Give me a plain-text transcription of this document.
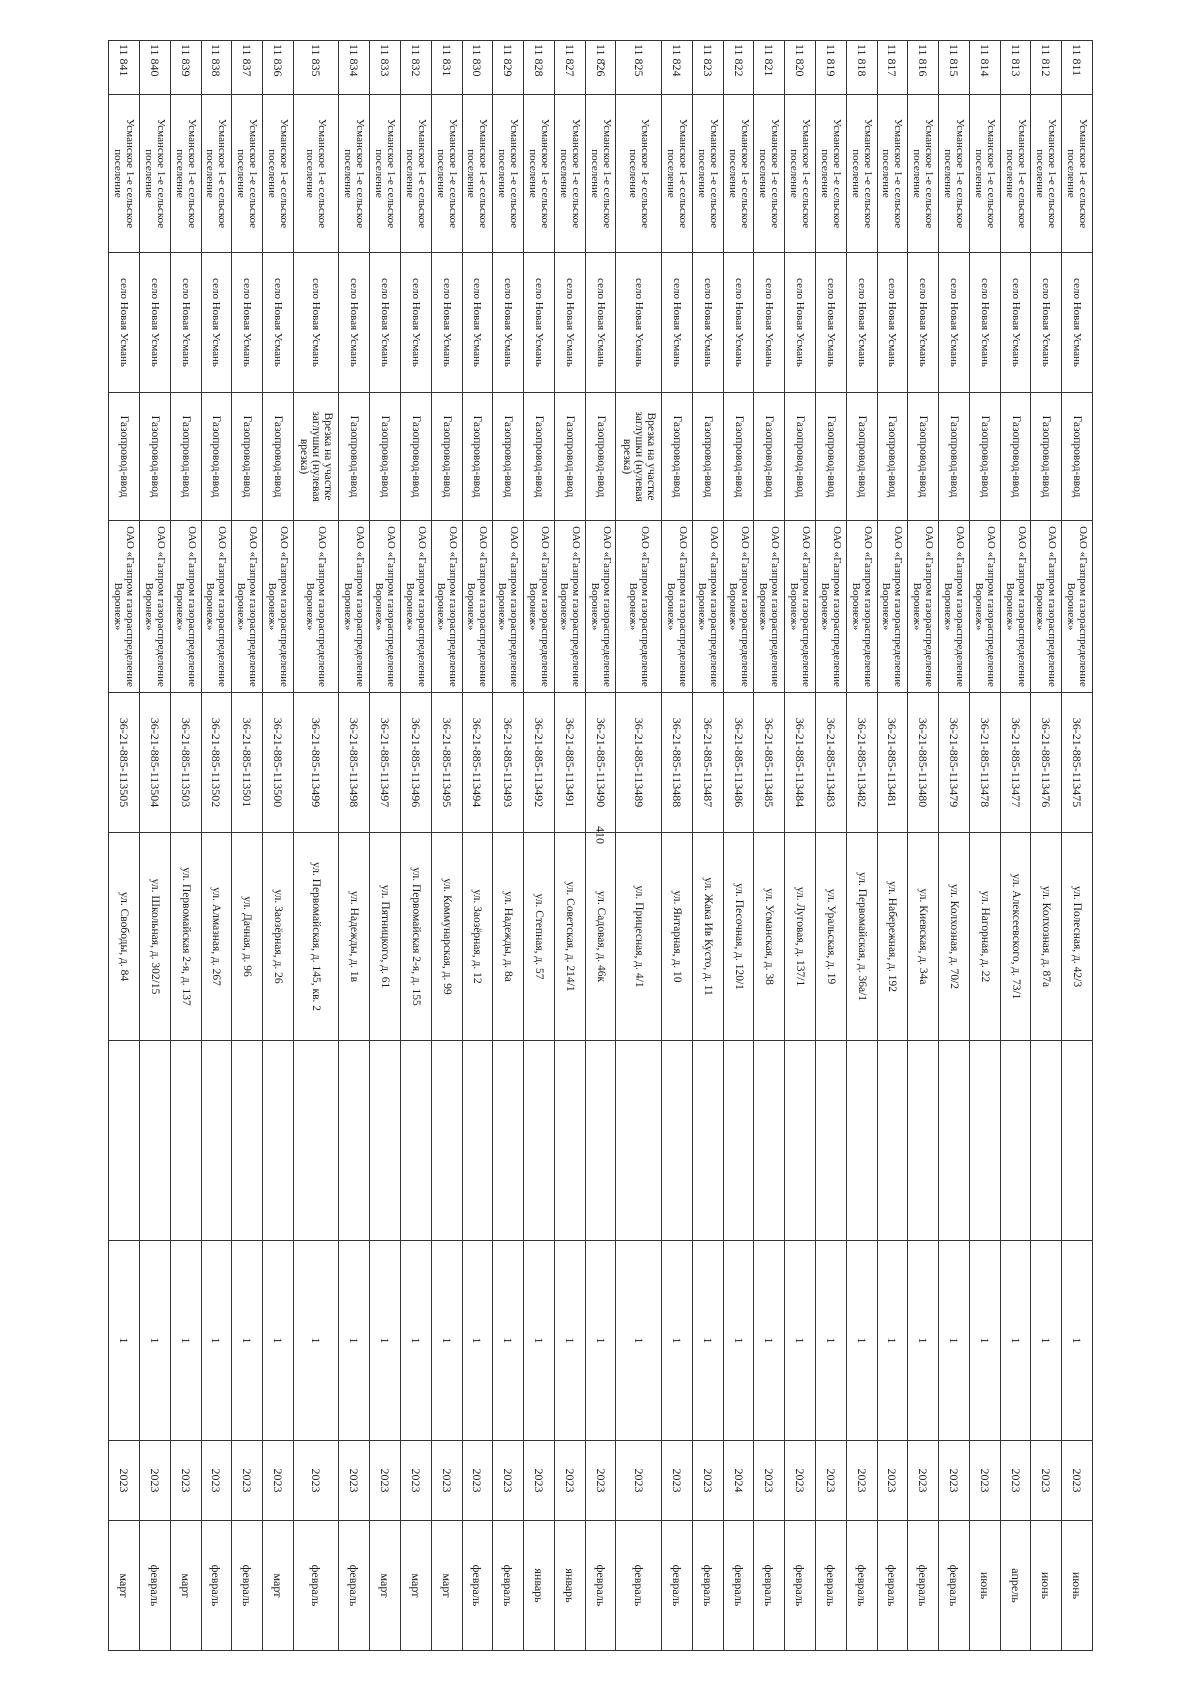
410
11 811	Усманское 1-е сельское поселение	село Новая Усмань	Газопровод-ввод	ОАО «Газпром газораспределение Воронеж»	36-21-885-113475	ул. Полесная, д. 42/3		1	2023	июнь
11 812	Усманское 1-е сельское поселение	село Новая Усмань	Газопровод-ввод	ОАО «Газпром газораспределение Воронеж»	36-21-885-113476	ул. Колхозная, д. 87а		1	2023	июнь
11 813	Усманское 1-е сельское поселение	село Новая Усмань	Газопровод-ввод	ОАО «Газпром газораспределение Воронеж»	36-21-885-113477	ул. Алексеевского, д. 73/1		1	2023	апрель
11 814	Усманское 1-е сельское поселение	село Новая Усмань	Газопровод-ввод	ОАО «Газпром газораспределение Воронеж»	36-21-885-113478	ул. Нагорная, д. 22		1	2023	июнь
11 815	Усманское 1-е сельское поселение	село Новая Усмань	Газопровод-ввод	ОАО «Газпром газораспределение Воронеж»	36-21-885-113479	ул. Колхозная, д. 70/2		1	2023	февраль
11 816	Усманское 1-е сельское поселение	село Новая Усмань	Газопровод-ввод	ОАО «Газпром газораспределение Воронеж»	36-21-885-113480	ул. Киевская, д. 34а		1	2023	февраль
11 817	Усманское 1-е сельское поселение	село Новая Усмань	Газопровод-ввод	ОАО «Газпром газораспределение Воронеж»	36-21-885-113481	ул. Набережная, д. 192		1	2023	февраль
11 818	Усманское 1-е сельское поселение	село Новая Усмань	Газопровод-ввод	ОАО «Газпром газораспределение Воронеж»	36-21-885-113482	ул. Первомайская, д. 36а/1		1	2023	февраль
11 819	Усманское 1-е сельское поселение	село Новая Усмань	Газопровод-ввод	ОАО «Газпром газораспределение Воронеж»	36-21-885-113483	ул. Уральская, д. 19		1	2023	февраль
11 820	Усманское 1-е сельское поселение	село Новая Усмань	Газопровод-ввод	ОАО «Газпром газораспределение Воронеж»	36-21-885-113484	ул. Луговая, д. 137/1		1	2023	февраль
11 821	Усманское 1-е сельское поселение	село Новая Усмань	Газопровод-ввод	ОАО «Газпром газораспределение Воронеж»	36-21-885-113485	ул. Усманская, д. 38		1	2023	февраль
11 822	Усманское 1-е сельское поселение	село Новая Усмань	Газопровод-ввод	ОАО «Газпром газораспределение Воронеж»	36-21-885-113486	ул. Песочная, д. 120/1		1	2024	февраль
11 823	Усманское 1-е сельское поселение	село Новая Усмань	Газопровод-ввод	ОАО «Газпром газораспределение Воронеж»	36-21-885-113487	ул. Жака Ив Кусто, д. 11		1	2023	февраль
11 824	Усманское 1-е сельское поселение	село Новая Усмань	Газопровод-ввод	ОАО «Газпром газораспределение Воронеж»	36-21-885-113488	ул. Янтарная, д. 10		1	2023	февраль
11 825	Усманское 1-е сельское поселение	село Новая Усмань	Врезка на участке заглушки (нулевая врезка)	ОАО «Газпром газораспределение Воронеж»	36-21-885-113489	ул. Прицесная, д. 4/1		1	2023	февраль
11 826	Усманское 1-е сельское поселение	село Новая Усмань	Газопровод-ввод	ОАО «Газпром газораспределение Воронеж»	36-21-885-113490	ул. Садовая, д. 46к		1	2023	февраль
11 827	Усманское 1-е сельское поселение	село Новая Усмань	Газопровод-ввод	ОАО «Газпром газораспределение Воронеж»	36-21-885-113491	ул. Советская, д. 214/1		1	2023	январь
11 828	Усманское 1-е сельское поселение	село Новая Усмань	Газопровод-ввод	ОАО «Газпром газораспределение Воронеж»	36-21-885-113492	ул. Степная, д. 57		1	2023	январь
11 829	Усманское 1-е сельское поселение	село Новая Усмань	Газопровод-ввод	ОАО «Газпром газораспределение Воронеж»	36-21-885-113493	ул. Надежды, д. 8а		1	2023	февраль
11 830	Усманское 1-е сельское поселение	село Новая Усмань	Газопровод-ввод	ОАО «Газпром газораспределение Воронеж»	36-21-885-113494	ул. Заозёрная, д. 12		1	2023	февраль
11 831	Усманское 1-е сельское поселение	село Новая Усмань	Газопровод-ввод	ОАО «Газпром газораспределение Воронеж»	36-21-885-113495	ул. Коммунарская, д. 99		1	2023	март
11 832	Усманское 1-е сельское поселение	село Новая Усмань	Газопровод-ввод	ОАО «Газпром газораспределение Воронеж»	36-21-885-113496	ул. Первомайская 2-я, д. 155		1	2023	март
11 833	Усманское 1-е сельское поселение	село Новая Усмань	Газопровод-ввод	ОАО «Газпром газораспределение Воронеж»	36-21-885-113497	ул. Пятницкого, д. 61		1	2023	март
11 834	Усманское 1-е сельское поселение	село Новая Усмань	Газопровод-ввод	ОАО «Газпром газораспределение Воронеж»	36-21-885-113498	ул. Надежды, д. 1в		1	2023	февраль
11 835	Усманское 1-е сельское поселение	село Новая Усмань	Врезка на участке заглушки (нулевая врезка)	ОАО «Газпром газораспределение Воронеж»	36-21-885-113499	ул. Первомайская, д. 145, кв. 2		1	2023	февраль
11 836	Усманское 1-е сельское поселение	село Новая Усмань	Газопровод-ввод	ОАО «Газпром газораспределение Воронеж»	36-21-885-113500	ул. Заозёрная, д. 26		1	2023	март
11 837	Усманское 1-е сельское поселение	село Новая Усмань	Газопровод-ввод	ОАО «Газпром газораспределение Воронеж»	36-21-885-113501	ул. Дачная, д. 96		1	2023	февраль
11 838	Усманское 1-е сельское поселение	село Новая Усмань	Газопровод-ввод	ОАО «Газпром газораспределение Воронеж»	36-21-885-113502	ул. Алмазная, д. 267		1	2023	февраль
11 839	Усманское 1-е сельское поселение	село Новая Усмань	Газопровод-ввод	ОАО «Газпром газораспределение Воронеж»	36-21-885-113503	ул. Первомайская 2-я, д. 137		1	2023	март
11 840	Усманское 1-е сельское поселение	село Новая Усмань	Газопровод-ввод	ОАО «Газпром газораспределение Воронеж»	36-21-885-113504	ул. Школьная, д. 302/15		1	2023	февраль
11 841	Усманское 1-е сельское поселение	село Новая Усмань	Газопровод-ввод	ОАО «Газпром газораспределение Воронеж»	36-21-885-113505	ул. Свободы, д. 84		1	2023	март
